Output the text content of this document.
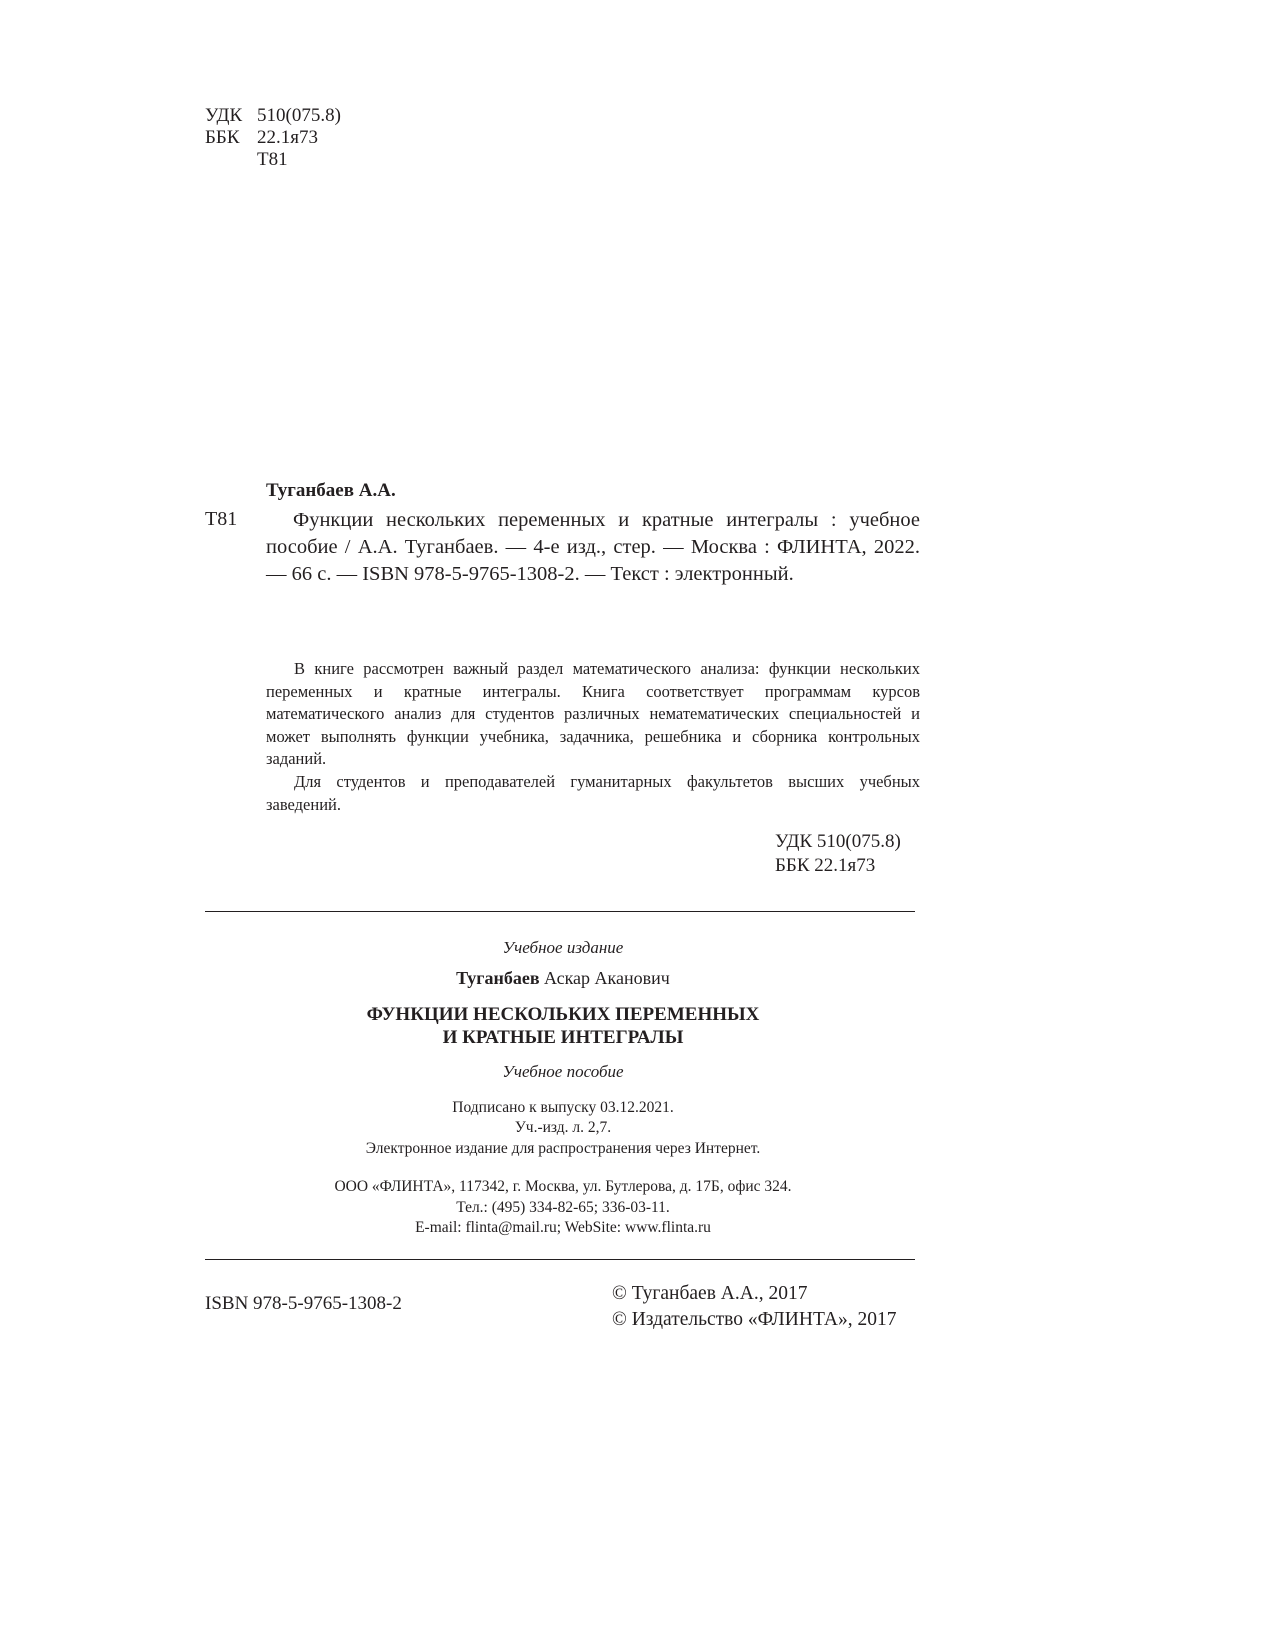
УДК 510(075.8)
ББК 22.1я73
Т81
Туганбаев А.А.
Т81	Функции нескольких переменных и кратные интегралы : учебное пособие / А.А. Туганбаев. — 4-е изд., стер. — Москва : ФЛИНТА, 2022. — 66 с. — ISBN 978-5-9765-1308-2. — Текст : электронный.
В книге рассмотрен важный раздел математического анализа: функции нескольких переменных и кратные интегралы. Книга соответствует программам курсов математического анализ для студентов различных нематематических специальностей и может выполнять функции учебника, задачника, решебника и сборника контрольных заданий.
Для студентов и преподавателей гуманитарных факультетов высших учебных заведений.
УДК 510(075.8)
ББК 22.1я73
Учебное издание
Туганбаев Аскар Аканович
ФУНКЦИИ НЕСКОЛЬКИХ ПЕРЕМЕННЫХ
И КРАТНЫЕ ИНТЕГРАЛЫ
Учебное пособие
Подписано к выпуску 03.12.2021.
Уч.-изд. л. 2,7.
Электронное издание для распространения через Интернет.
ООО «ФЛИНТА», 117342, г. Москва, ул. Бутлерова, д. 17Б, офис 324.
Тел.: (495) 334-82-65; 336-03-11.
E-mail: flinta@mail.ru; WebSite: www.flinta.ru
ISBN 978-5-9765-1308-2	© Туганбаев А.А., 2017
© Издательство «ФЛИНТА», 2017
